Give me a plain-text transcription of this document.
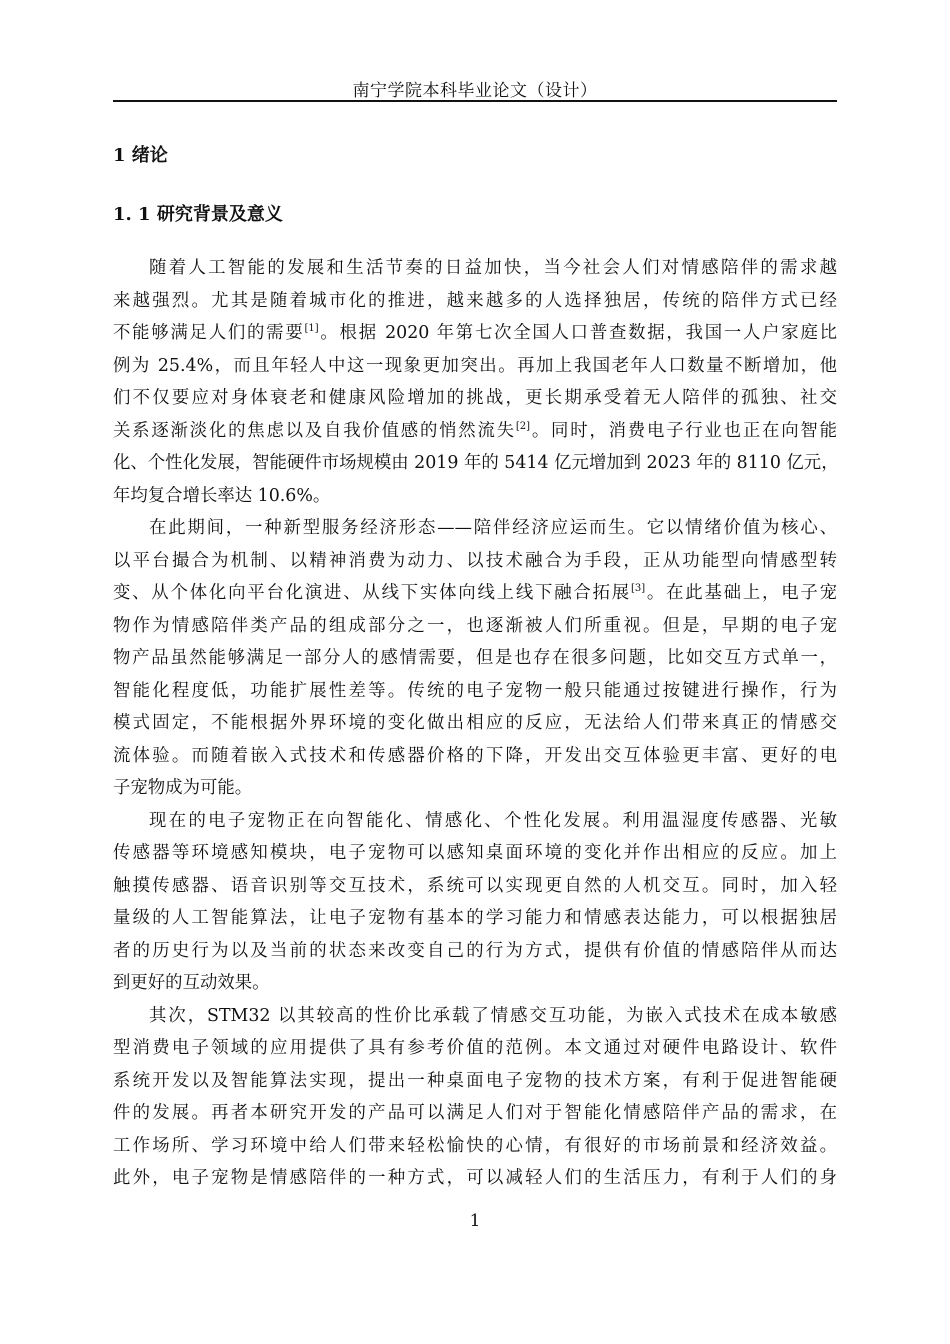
南宁学院本科毕业论文（设计）
1 绪论
1. 1 研究背景及意义
随着人工智能的发展和生活节奏的日益加快，当今社会人们对情感陪伴的需求越
来越强烈。尤其是随着城市化的推进，越来越多的人选择独居，传统的陪伴方式已经
不能够满足人们的需要[1]。根据 2020 年第七次全国人口普查数据，我国一人户家庭比
例为 25.4%，而且年轻人中这一现象更加突出。再加上我国老年人口数量不断增加，他
们不仅要应对身体衰老和健康风险增加的挑战，更长期承受着无人陪伴的孤独、社交
关系逐渐淡化的焦虑以及自我价值感的悄然流失[2]。同时，消费电子行业也正在向智能
化、个性化发展，智能硬件市场规模由 2019 年的 5414 亿元增加到 2023 年的 8110 亿元，
年均复合增长率达 10.6%。
在此期间，一种新型服务经济形态——陪伴经济应运而生。它以情绪价值为核心、
以平台撮合为机制、以精神消费为动力、以技术融合为手段，正从功能型向情感型转
变、从个体化向平台化演进、从线下实体向线上线下融合拓展[3]。在此基础上，电子宠
物作为情感陪伴类产品的组成部分之一，也逐渐被人们所重视。但是，早期的电子宠
物产品虽然能够满足一部分人的感情需要，但是也存在很多问题，比如交互方式单一，
智能化程度低，功能扩展性差等。传统的电子宠物一般只能通过按键进行操作，行为
模式固定，不能根据外界环境的变化做出相应的反应，无法给人们带来真正的情感交
流体验。而随着嵌入式技术和传感器价格的下降，开发出交互体验更丰富、更好的电
子宠物成为可能。
现在的电子宠物正在向智能化、情感化、个性化发展。利用温湿度传感器、光敏
传感器等环境感知模块，电子宠物可以感知桌面环境的变化并作出相应的反应。加上
触摸传感器、语音识别等交互技术，系统可以实现更自然的人机交互。同时，加入轻
量级的人工智能算法，让电子宠物有基本的学习能力和情感表达能力，可以根据独居
者的历史行为以及当前的状态来改变自己的行为方式，提供有价值的情感陪伴从而达
到更好的互动效果。
其次，STM32 以其较高的性价比承载了情感交互功能，为嵌入式技术在成本敏感
型消费电子领域的应用提供了具有参考价值的范例。本文通过对硬件电路设计、软件
系统开发以及智能算法实现，提出一种桌面电子宠物的技术方案，有利于促进智能硬
件的发展。再者本研究开发的产品可以满足人们对于智能化情感陪伴产品的需求，在
工作场所、学习环境中给人们带来轻松愉快的心情，有很好的市场前景和经济效益。
此外，电子宠物是情感陪伴的一种方式，可以减轻人们的生活压力，有利于人们的身
1
